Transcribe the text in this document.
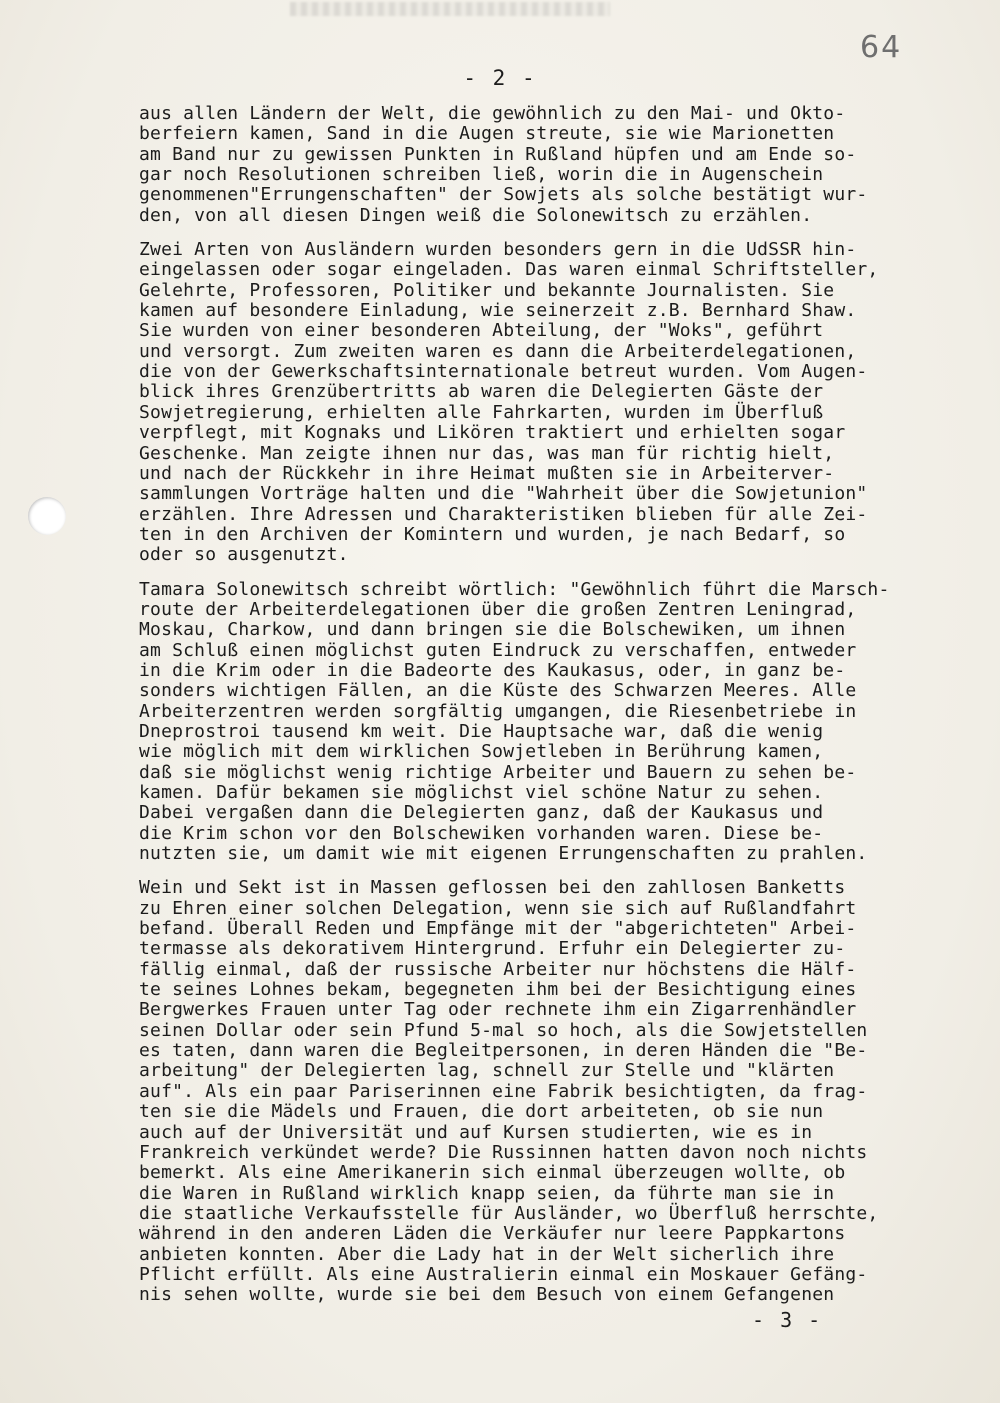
64
- 2 -
aus allen Ländern der Welt, die gewöhnlich zu den Mai- und Okto-
berfeiern kamen, Sand in die Augen streute, sie wie Marionetten
am Band nur zu gewissen Punkten in Rußland hüpfen und am Ende so-
gar noch Resolutionen schreiben ließ, worin die in Augenschein
genommenen"Errungenschaften" der Sowjets als solche bestätigt wur-
den, von all diesen Dingen weiß die Solonewitsch zu erzählen.
Zwei Arten von Ausländern wurden besonders gern in die UdSSR hin-
eingelassen oder sogar eingeladen. Das waren einmal Schriftsteller,
Gelehrte, Professoren, Politiker und bekannte Journalisten. Sie
kamen auf besondere Einladung, wie seinerzeit z.B. Bernhard Shaw.
Sie wurden von einer besonderen Abteilung, der "Woks", geführt
und versorgt. Zum zweiten waren es dann die Arbeiterdelegationen,
die von der Gewerkschaftsinternationale betreut wurden. Vom Augen-
blick ihres Grenzübertritts ab waren die Delegierten Gäste der
Sowjetregierung, erhielten alle Fahrkarten, wurden im Überfluß
verpflegt, mit Kognaks und Likören traktiert und erhielten sogar
Geschenke. Man zeigte ihnen nur das, was man für richtig hielt,
und nach der Rückkehr in ihre Heimat mußten sie in Arbeiterver-
sammlungen Vorträge halten und die "Wahrheit über die Sowjetunion"
erzählen. Ihre Adressen und Charakteristiken blieben für alle Zei-
ten in den Archiven der Komintern und wurden, je nach Bedarf, so
oder so ausgenutzt.
Tamara Solonewitsch schreibt wörtlich: "Gewöhnlich führt die Marsch-
route der Arbeiterdelegationen über die großen Zentren Leningrad,
Moskau, Charkow, und dann bringen sie die Bolschewiken, um ihnen
am Schluß einen möglichst guten Eindruck zu verschaffen, entweder
in die Krim oder in die Badeorte des Kaukasus, oder, in ganz be-
sonders wichtigen Fällen, an die Küste des Schwarzen Meeres. Alle
Arbeiterzentren werden sorgfältig umgangen, die Riesenbetriebe in
Dneprostroi tausend km weit. Die Hauptsache war, daß die wenig
wie möglich mit dem wirklichen Sowjetleben in Berührung kamen,
daß sie möglichst wenig richtige Arbeiter und Bauern zu sehen be-
kamen. Dafür bekamen sie möglichst viel schöne Natur zu sehen.
Dabei vergaßen dann die Delegierten ganz, daß der Kaukasus und
die Krim schon vor den Bolschewiken vorhanden waren. Diese be-
nutzten sie, um damit wie mit eigenen Errungenschaften zu prahlen.
Wein und Sekt ist in Massen geflossen bei den zahllosen Banketts
zu Ehren einer solchen Delegation, wenn sie sich auf Rußlandfahrt
befand. Überall Reden und Empfänge mit der "abgerichteten" Arbei-
termasse als dekorativem Hintergrund. Erfuhr ein Delegierter zu-
fällig einmal, daß der russische Arbeiter nur höchstens die Hälf-
te seines Lohnes bekam, begegneten ihm bei der Besichtigung eines
Bergwerkes Frauen unter Tag oder rechnete ihm ein Zigarrenhändler
seinen Dollar oder sein Pfund 5-mal so hoch, als die Sowjetstellen
es taten, dann waren die Begleitpersonen, in deren Händen die "Be-
arbeitung" der Delegierten lag, schnell zur Stelle und "klärten
auf". Als ein paar Pariserinnen eine Fabrik besichtigten, da frag-
ten sie die Mädels und Frauen, die dort arbeiteten, ob sie nun
auch auf der Universität und auf Kursen studierten, wie es in
Frankreich verkündet werde? Die Russinnen hatten davon noch nichts
bemerkt. Als eine Amerikanerin sich einmal überzeugen wollte, ob
die Waren in Rußland wirklich knapp seien, da führte man sie in
die staatliche Verkaufsstelle für Ausländer, wo Überfluß herrschte,
während in den anderen Läden die Verkäufer nur leere Pappkartons
anbieten konnten. Aber die Lady hat in der Welt sicherlich ihre
Pflicht erfüllt. Als eine Australierin einmal ein Moskauer Gefäng-
nis sehen wollte, wurde sie bei dem Besuch von einem Gefangenen
- 3 -
